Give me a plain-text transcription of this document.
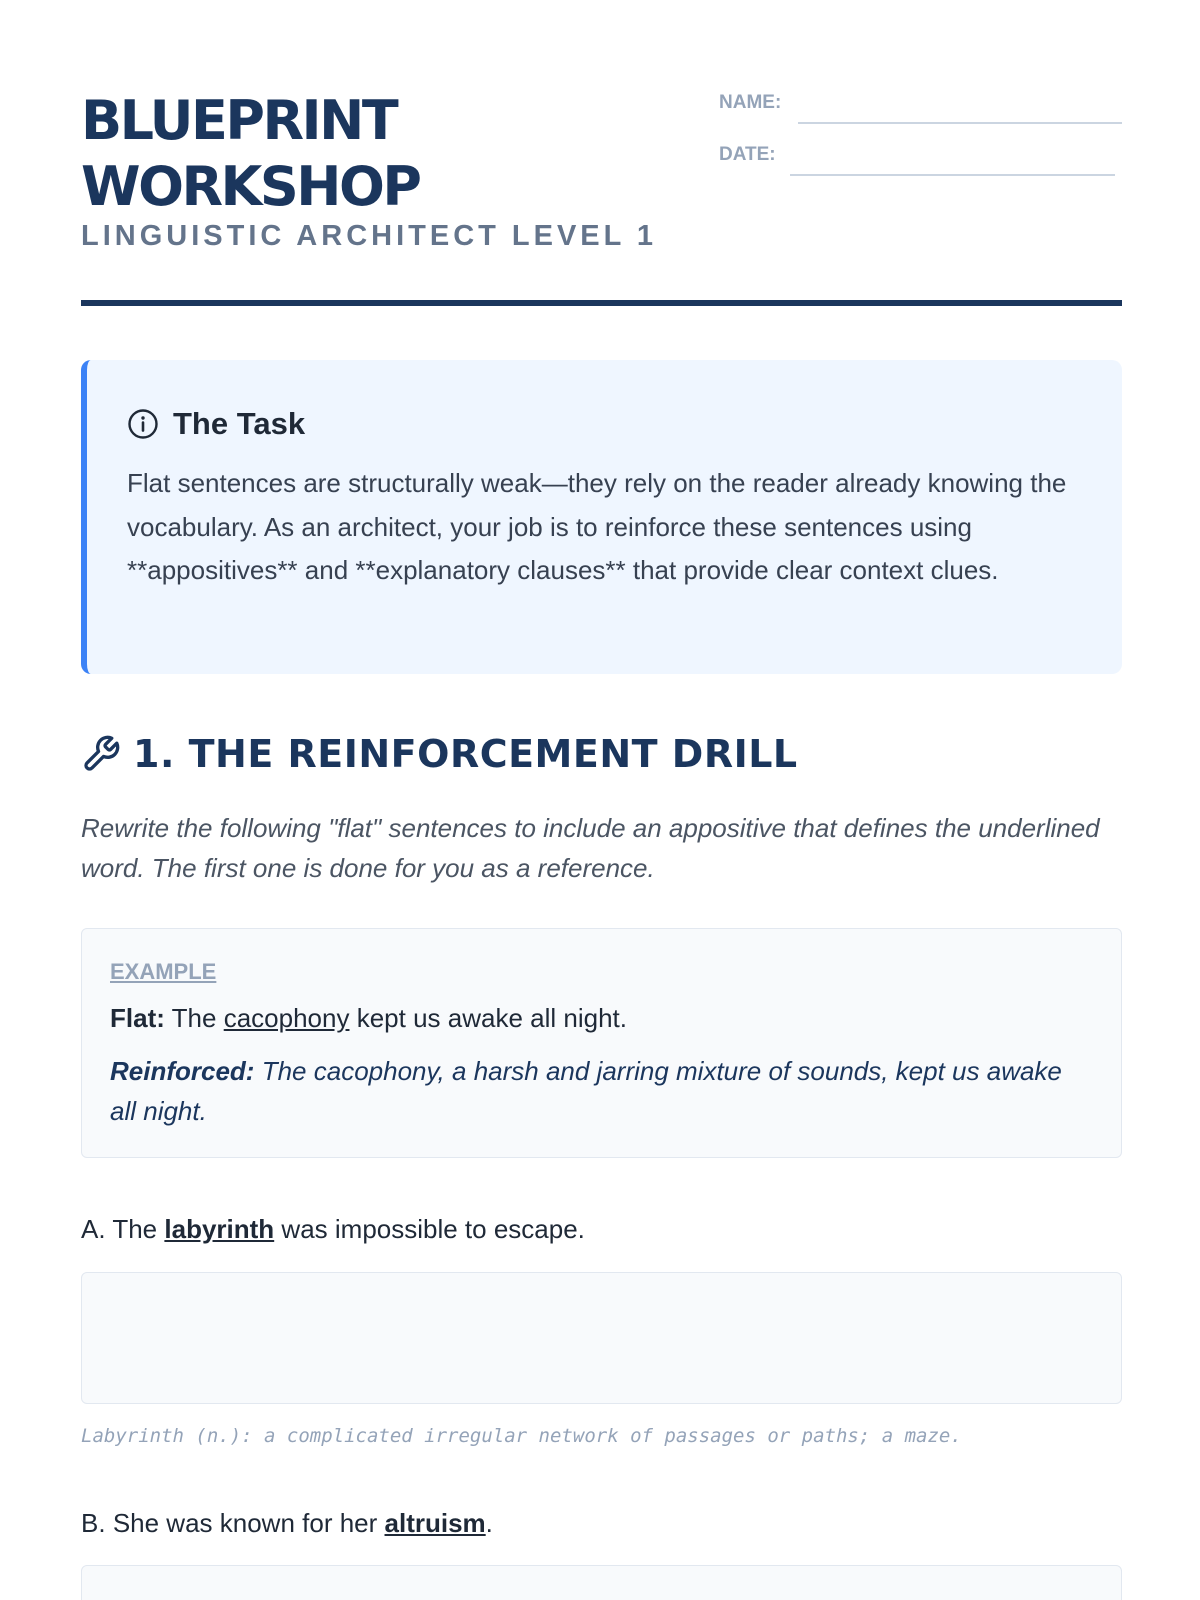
BLUEPRINT
WORKSHOP
LINGUISTIC ARCHITECT LEVEL 1
NAME:
DATE:
The Task
Flat sentences are structurally weak—they rely on the reader already knowing the vocabulary. As an architect, your job is to reinforce these sentences using **appositives** and **explanatory clauses** that provide clear context clues.
1. THE REINFORCEMENT DRILL
Rewrite the following "flat" sentences to include an appositive that defines the underlined word. The first one is done for you as a reference.
EXAMPLE
Flat: The cacophony kept us awake all night.
Reinforced: The cacophony, a harsh and jarring mixture of sounds, kept us awake all night.
A. The labyrinth was impossible to escape.
Labyrinth (n.): a complicated irregular network of passages or paths; a maze.
B. She was known for her altruism.
